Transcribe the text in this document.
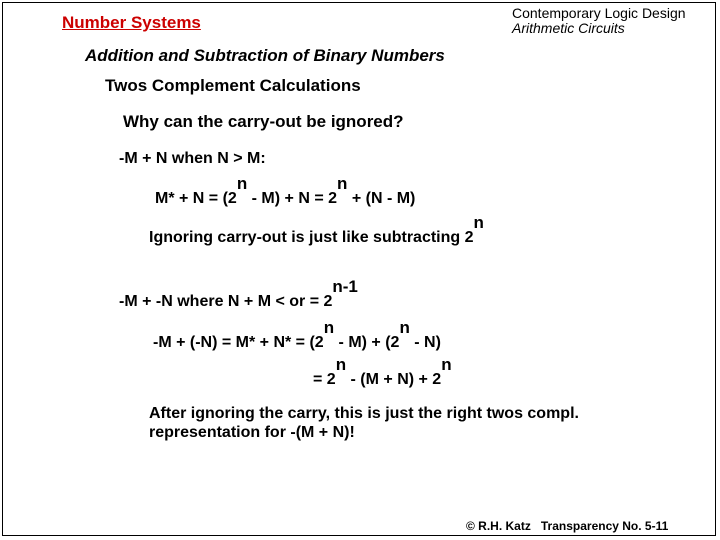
Number Systems	Contemporary Logic Design
Arithmetic Circuits
Addition and Subtraction of Binary Numbers
Twos Complement Calculations
Why can the carry-out be ignored?
-M + N when N > M:
M* + N = (2n - M) + N = 2n + (N - M)
Ignoring carry-out is just like subtracting 2n
-M + -N where N + M < or = 2n-1
-M + (-N) = M* + N* = (2n - M) + (2n - N)
= 2n - (M + N) + 2n
After ignoring the carry, this is just the right twos compl.
representation for -(M + N)!
© R.H. Katz Transparency No. 5-11
